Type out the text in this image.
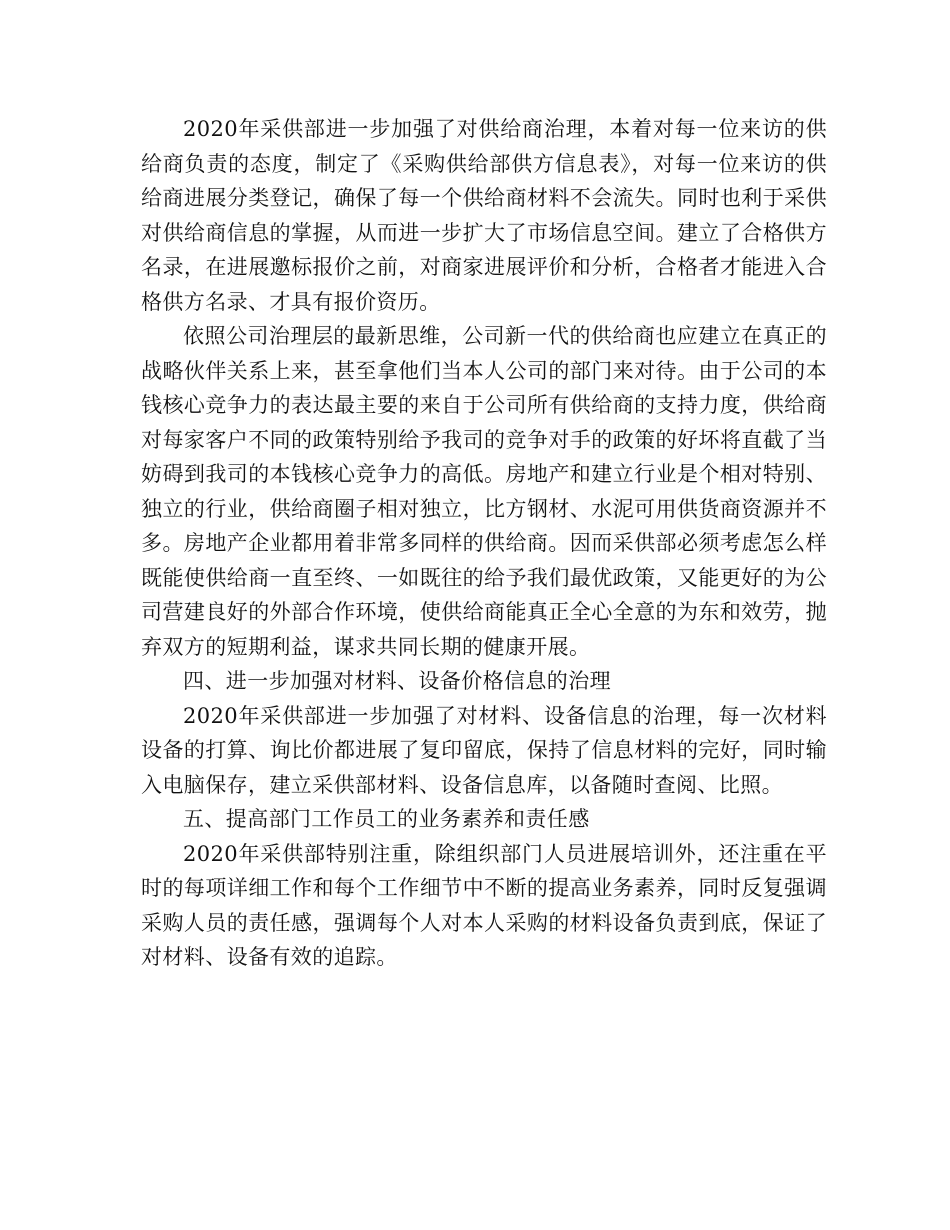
2020年采供部进一步加强了对供给商治理，本着对每一位来访的供给商负责的态度，制定了《采购供给部供方信息表》，对每一位来访的供给商进展分类登记，确保了每一个供给商材料不会流失。同时也利于采供对供给商信息的掌握，从而进一步扩大了市场信息空间。建立了合格供方名录，在进展邀标报价之前，对商家进展评价和分析，合格者才能进入合格供方名录、才具有报价资历。

依照公司治理层的最新思维，公司新一代的供给商也应建立在真正的战略伙伴关系上来，甚至拿他们当本人公司的部门来对待。由于公司的本钱核心竞争力的表达最主要的来自于公司所有供给商的支持力度，供给商对每家客户不同的政策特别给予我司的竞争对手的政策的好坏将直截了当妨碍到我司的本钱核心竞争力的高低。房地产和建立行业是个相对特别、独立的行业，供给商圈子相对独立，比方钢材、水泥可用供货商资源并不多。房地产企业都用着非常多同样的供给商。因而采供部必须考虑怎么样既能使供给商一直至终、一如既往的给予我们最优政策，又能更好的为公司营建良好的外部合作环境，使供给商能真正全心全意的为东和效劳，抛弃双方的短期利益，谋求共同长期的健康开展。

四、进一步加强对材料、设备价格信息的治理

2020年采供部进一步加强了对材料、设备信息的治理，每一次材料设备的打算、询比价都进展了复印留底，保持了信息材料的完好，同时输入电脑保存，建立采供部材料、设备信息库，以备随时查阅、比照。

五、提高部门工作员工的业务素养和责任感

2020年采供部特别注重，除组织部门人员进展培训外，还注重在平时的每项详细工作和每个工作细节中不断的提高业务素养，同时反复强调采购人员的责任感，强调每个人对本人采购的材料设备负责到底，保证了对材料、设备有效的追踪。
